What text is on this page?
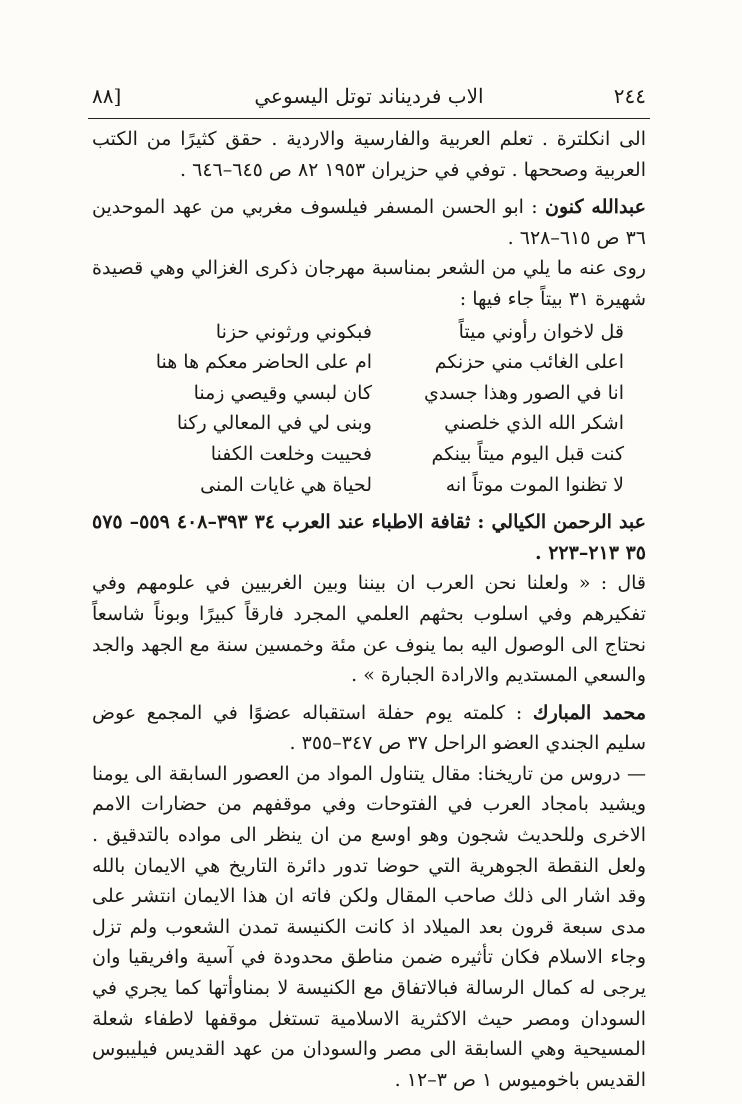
٢٤٤
الاب فرديناند توتل اليسوعي
[٨٨

الى انكلترة . تعلم العربية والفارسية والاردية . حقق كثيرًا من الكتب العربية وصححها . توفي في حزيران ١٩٥٣ ٨٢ ص ٦٤٥–٦٤٦ .

عبدالله كنون : ابو الحسن المسفر فيلسوف مغربي من عهد الموحدين ٣٦ ص ٦١٥–٦٢٨ .

روى عنه ما يلي من الشعر بمناسبة مهرجان ذكرى الغزالي وهي قصيدة شهيرة ٣١ بيتاً جاء فيها :

قل لاخوان رأوني ميتاً
فبكوني ورثوني حزنا
اعلى الغائب مني حزنكم
ام على الحاضر معكم ها هنا
انا في الصور وهذا جسدي
كان لبسي وقيصي زمنا
اشكر الله الذي خلصني
وبنى لي في المعالي ركنا
كنت قبل اليوم ميتاً بينكم
فحييت وخلعت الكفنا
لا تظنوا الموت موتاً انه
لحياة هي غايات المنى

عبد الرحمن الكيالي : ثقافة الاطباء عند العرب ٣٤ ٣٩٣–٤٠٨ ٥٥٩– ٥٧٥ ٣٥ ٢١٣–٢٢٣ .

قال : « ولعلنا نحن العرب ان بيننا وبين الغربيين في علومهم وفي تفكيرهم وفي اسلوب بحثهم العلمي المجرد فارقاً كبيرًا وبوناً شاسعاً نحتاج الى الوصول اليه بما ينوف عن مئة وخمسين سنة مع الجهد والجد والسعي المستديم والارادة الجبارة » .

محمد المبارك : كلمته يوم حفلة استقباله عضوًا في المجمع عوض سليم الجندي العضو الراحل ٣٧ ص ٣٤٧–٣٥٥ .

— دروس من تاريخنا: مقال يتناول المواد من العصور السابقة الى يومنا ويشيد بامجاد العرب في الفتوحات وفي موقفهم من حضارات الامم الاخرى وللحديث شجون وهو اوسع من ان ينظر الى مواده بالتدقيق . ولعل النقطة الجوهرية التي حوضا تدور دائرة التاريخ هي الايمان بالله وقد اشار الى ذلك صاحب المقال ولكن فاته ان هذا الايمان انتشر على مدى سبعة قرون بعد الميلاد اذ كانت الكنيسة تمدن الشعوب ولم تزل وجاء الاسلام فكان تأثيره ضمن مناطق محدودة في آسية وافريقيا وان يرجى له كمال الرسالة فبالاتفاق مع الكنيسة لا بمناوأتها كما يجري في السودان ومصر حيث الاكثرية الاسلامية تستغل موقفها لاطفاء شعلة المسيحية وهي السابقة الى مصر والسودان من عهد القديس فيليبوس القديس باخوميوس ١ ص ٣–١٢ .
